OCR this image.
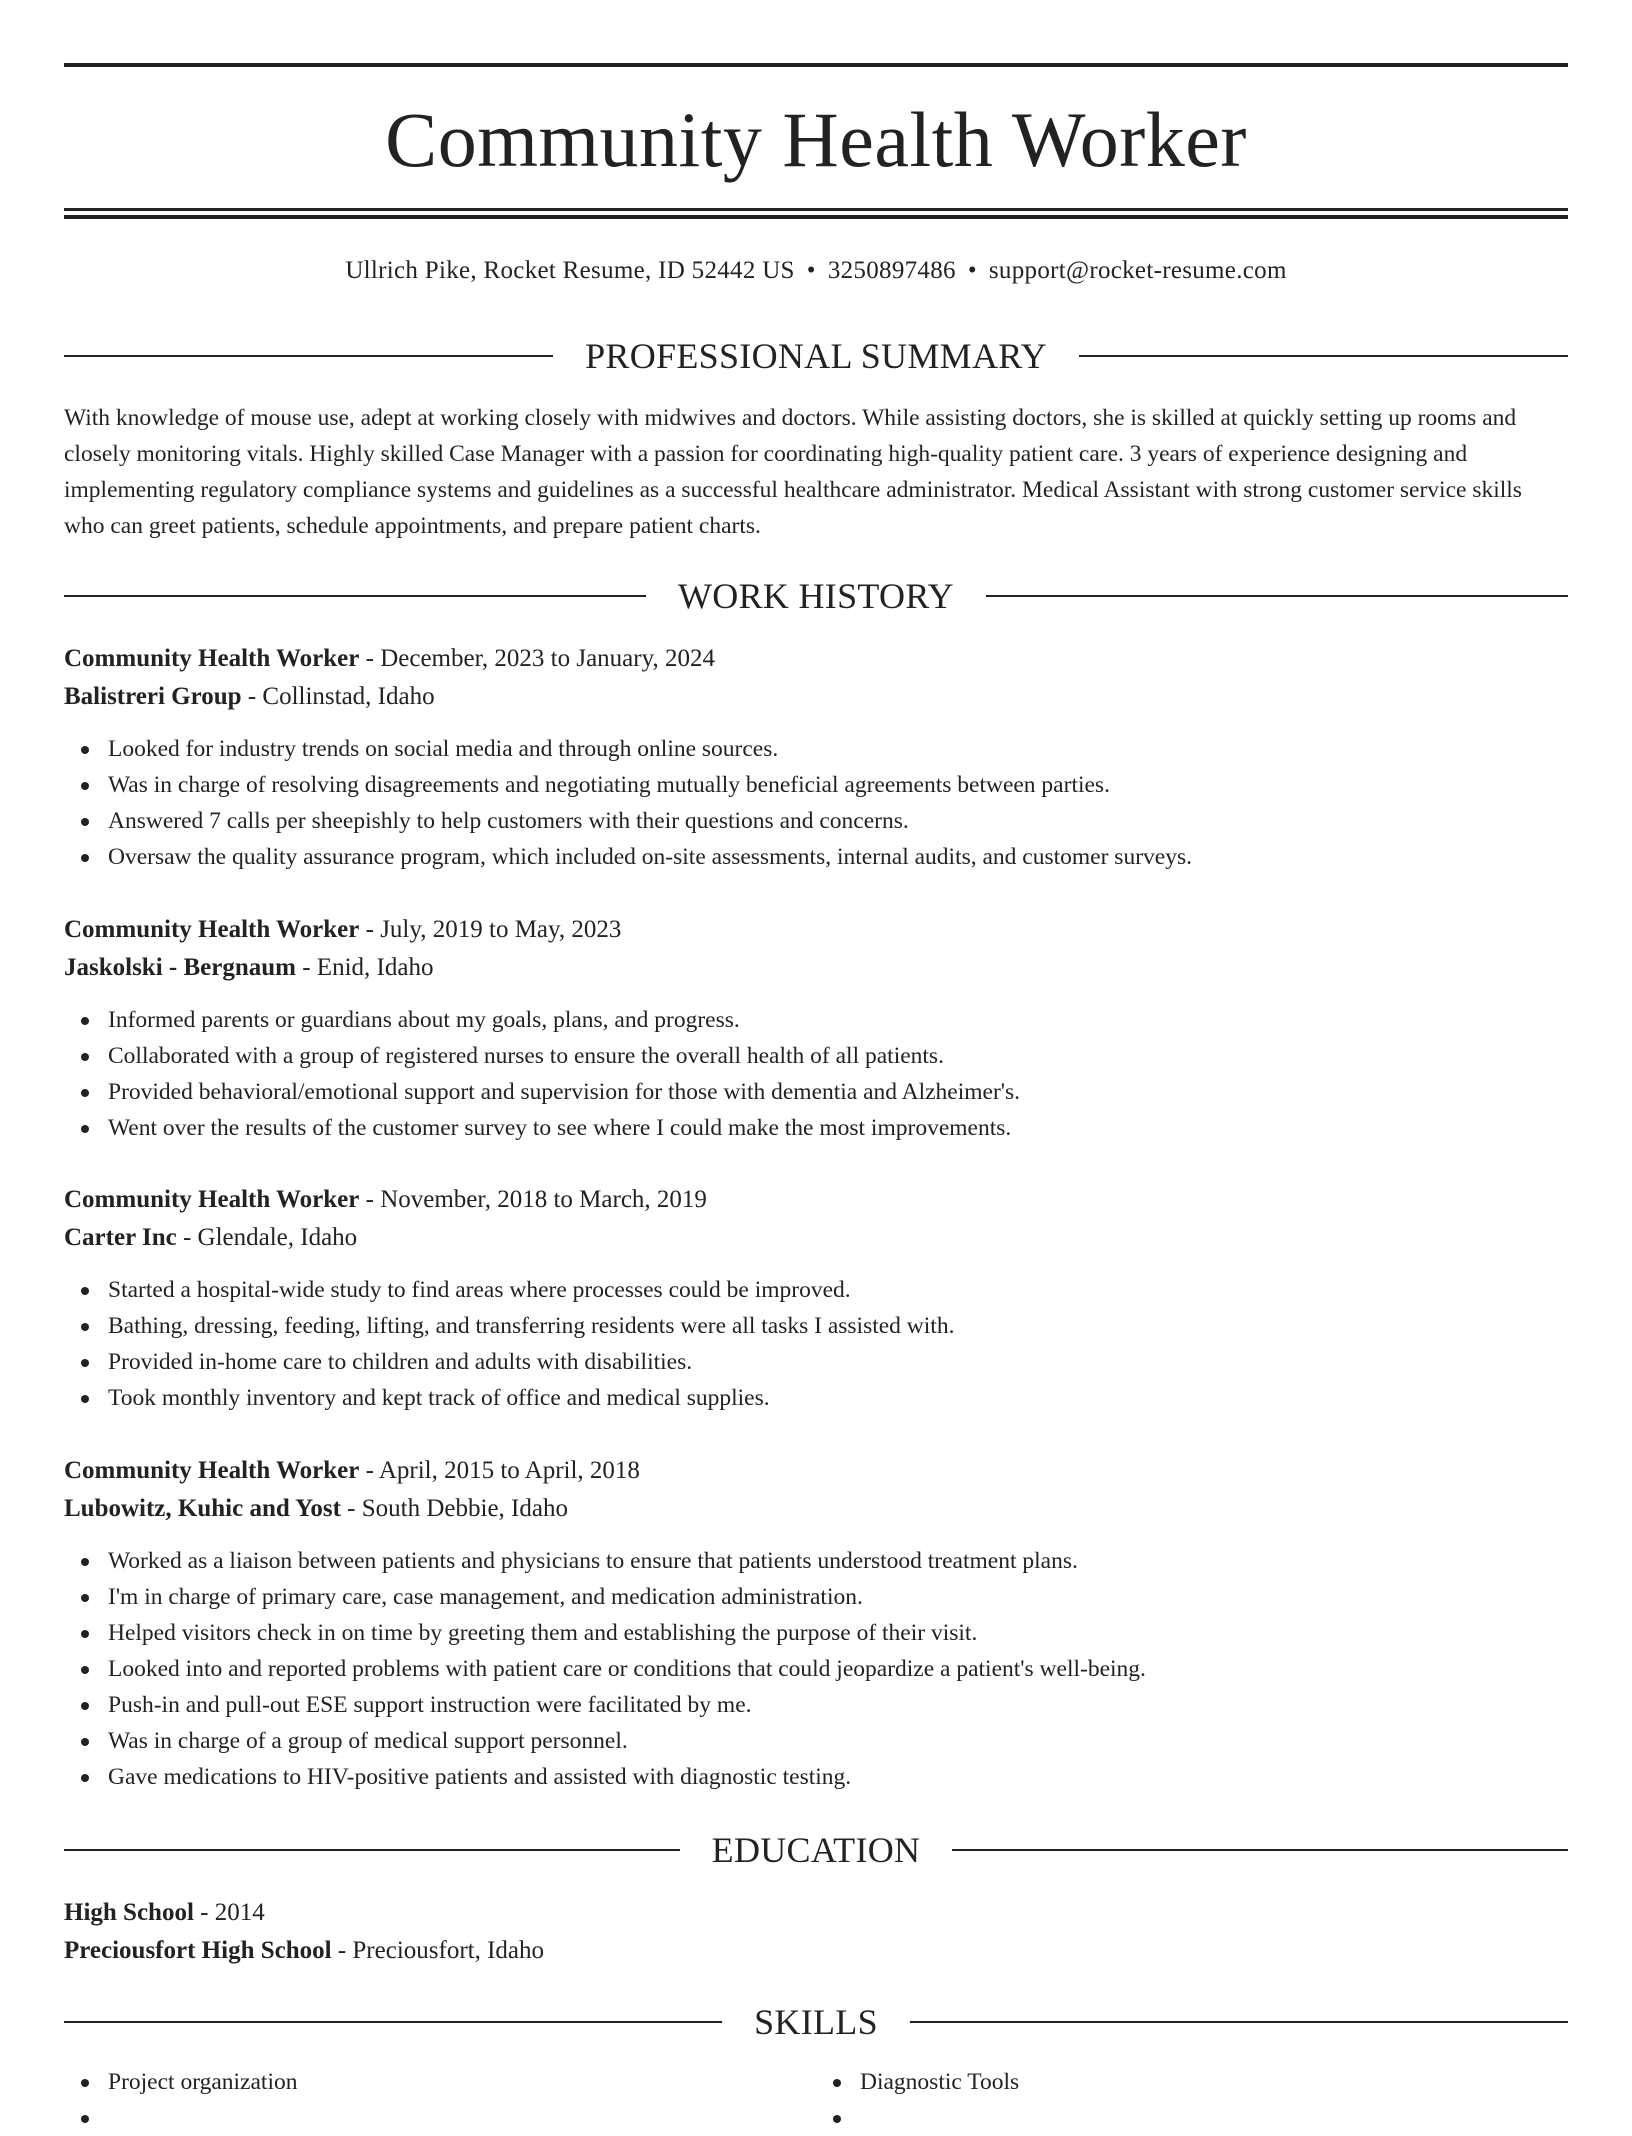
Community Health Worker
Ullrich Pike, Rocket Resume, ID 52442 US • 3250897486 • support@rocket-resume.com
PROFESSIONAL SUMMARY

With knowledge of mouse use, adept at working closely with midwives and doctors. While assisting doctors, she is skilled at quickly setting up rooms and closely monitoring vitals. Highly skilled Case Manager with a passion for coordinating high-quality patient care. 3 years of experience designing and implementing regulatory compliance systems and guidelines as a successful healthcare administrator. Medical Assistant with strong customer service skills who can greet patients, schedule appointments, and prepare patient charts.

WORK HISTORY
Community Health Worker - December, 2023 to January, 2024
Balistreri Group - Collinstad, Idaho
Looked for industry trends on social media and through online sources.
Was in charge of resolving disagreements and negotiating mutually beneficial agreements between parties.
Answered 7 calls per sheepishly to help customers with their questions and concerns.
Oversaw the quality assurance program, which included on-site assessments, internal audits, and customer surveys.
Community Health Worker - July, 2019 to May, 2023
Jaskolski - Bergnaum - Enid, Idaho
Informed parents or guardians about my goals, plans, and progress.
Collaborated with a group of registered nurses to ensure the overall health of all patients.
Provided behavioral/emotional support and supervision for those with dementia and Alzheimer's.
Went over the results of the customer survey to see where I could make the most improvements.
Community Health Worker - November, 2018 to March, 2019
Carter Inc - Glendale, Idaho
Started a hospital-wide study to find areas where processes could be improved.
Bathing, dressing, feeding, lifting, and transferring residents were all tasks I assisted with.
Provided in-home care to children and adults with disabilities.
Took monthly inventory and kept track of office and medical supplies.
Community Health Worker - April, 2015 to April, 2018
Lubowitz, Kuhic and Yost - South Debbie, Idaho
Worked as a liaison between patients and physicians to ensure that patients understood treatment plans.
I'm in charge of primary care, case management, and medication administration.
Helped visitors check in on time by greeting them and establishing the purpose of their visit.
Looked into and reported problems with patient care or conditions that could jeopardize a patient's well-being.
Push-in and pull-out ESE support instruction were facilitated by me.
Was in charge of a group of medical support personnel.
Gave medications to HIV-positive patients and assisted with diagnostic testing.
EDUCATION
High School - 2014
Preciousfort High School - Preciousfort, Idaho
SKILLS
Project organization	Diagnostic Tools
